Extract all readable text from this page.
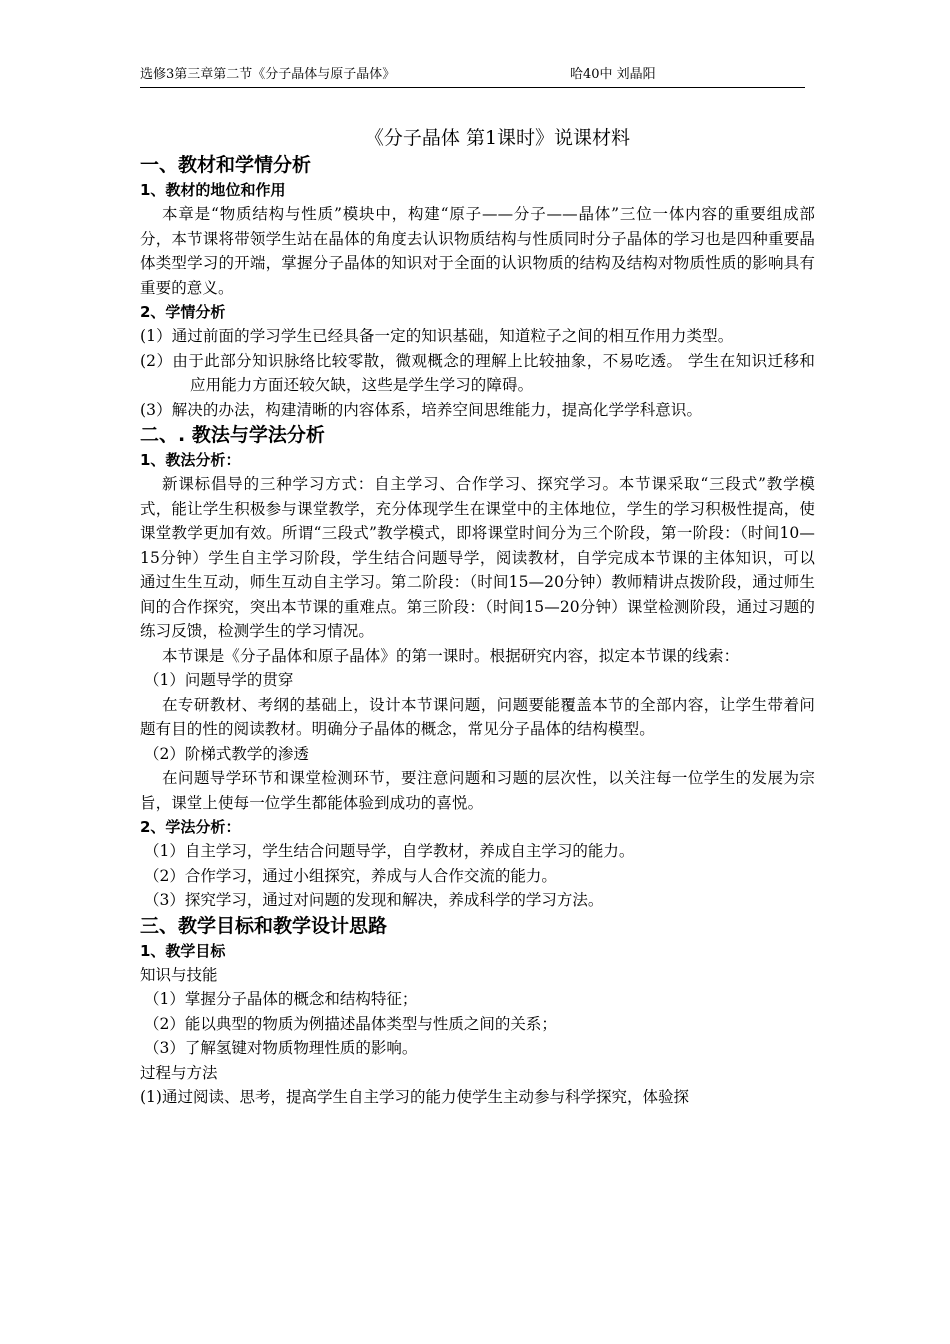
选修3第三章第二节《分子晶体与原子晶体》	哈40中 刘晶阳

《分子晶体 第1课时》说课材料

一、教材和学情分析

1、教材的地位和作用

本章是“物质结构与性质”模块中，构建“原子——分子——晶体”三位一体内容的重要组成部分，本节课将带领学生站在晶体的角度去认识物质结构与性质同时分子晶体的学习也是四种重要晶体类型学习的开端，掌握分子晶体的知识对于全面的认识物质的结构及结构对物质性质的影响具有重要的意义。

2、学情分析

(1）通过前面的学习学生已经具备一定的知识基础，知道粒子之间的相互作用力类型。

(2）由于此部分知识脉络比较零散，微观概念的理解上比较抽象，不易吃透。 学生在知识迁移和应用能力方面还较欠缺，这些是学生学习的障碍。

(3）解决的办法，构建清晰的内容体系，培养空间思维能力，提高化学学科意识。

二、. 教法与学法分析

1、教法分析：

新课标倡导的三种学习方式：自主学习、合作学习、探究学习。本节课采取“三段式”教学模式，能让学生积极参与课堂教学，充分体现学生在课堂中的主体地位，学生的学习积极性提高，使课堂教学更加有效。所谓“三段式”教学模式，即将课堂时间分为三个阶段，第一阶段：（时间10—15分钟）学生自主学习阶段，学生结合问题导学，阅读教材，自学完成本节课的主体知识，可以通过生生互动，师生互动自主学习。第二阶段：（时间15—20分钟）教师精讲点拨阶段，通过师生间的合作探究，突出本节课的重难点。第三阶段：（时间15—20分钟）课堂检测阶段，通过习题的练习反馈，检测学生的学习情况。

本节课是《分子晶体和原子晶体》的第一课时。根据研究内容，拟定本节课的线索：

（1）问题导学的贯穿

在专研教材、考纲的基础上，设计本节课问题，问题要能覆盖本节的全部内容，让学生带着问题有目的性的阅读教材。明确分子晶体的概念，常见分子晶体的结构模型。

（2）阶梯式教学的渗透

在问题导学环节和课堂检测环节，要注意问题和习题的层次性，以关注每一位学生的发展为宗旨，课堂上使每一位学生都能体验到成功的喜悦。

2、学法分析：

（1）自主学习，学生结合问题导学，自学教材，养成自主学习的能力。

（2）合作学习，通过小组探究，养成与人合作交流的能力。

（3）探究学习，通过对问题的发现和解决，养成科学的学习方法。

三、教学目标和教学设计思路

1、教学目标

知识与技能

（1）掌握分子晶体的概念和结构特征；

（2）能以典型的物质为例描述晶体类型与性质之间的关系；

（3）了解氢键对物质物理性质的影响。

过程与方法

(1)通过阅读、思考，提高学生自主学习的能力使学生主动参与科学探究，体验探
